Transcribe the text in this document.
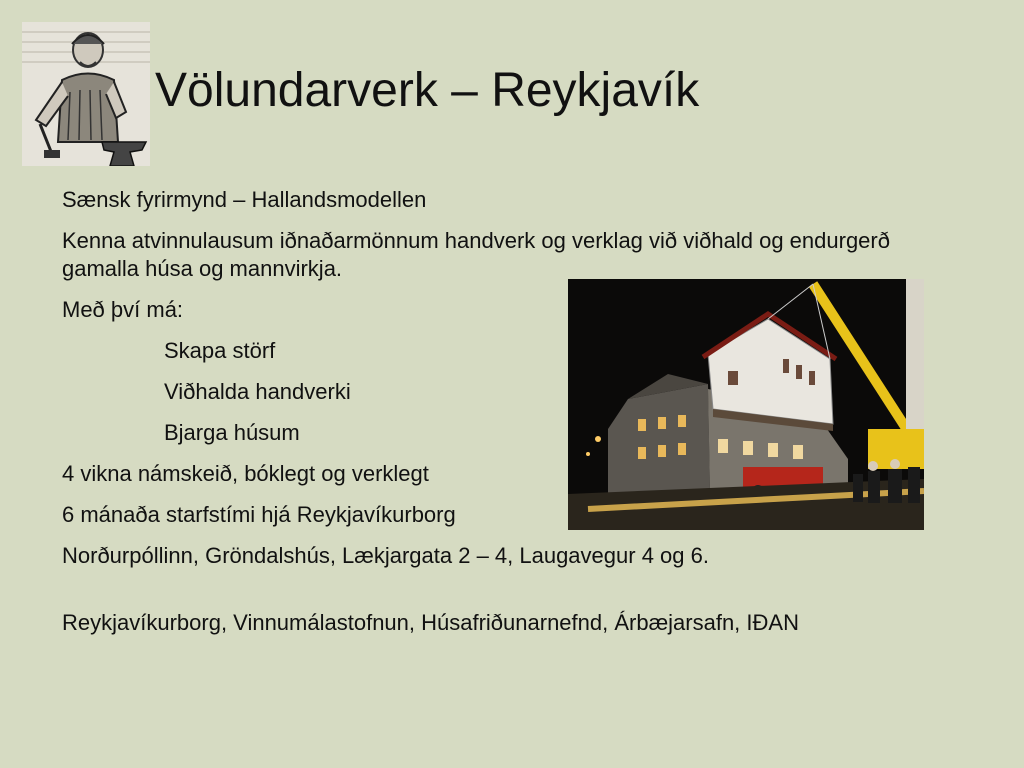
Völundarverk – Reykjavík
Sænsk fyrirmynd – Hallandsmodellen
Kenna atvinnulausum iðnaðarmönnum handverk og verklag við viðhald og endurgerð gamalla húsa og mannvirkja.
Með því má:
Skapa störf
Viðhalda handverki
Bjarga húsum
4 vikna námskeið, bóklegt og verklegt
6 mánaða starfstími hjá Reykjavíkurborg
Norðurpóllinn, Gröndalshús, Lækjargata 2 – 4, Laugavegur 4 og 6.
Reykjavíkurborg, Vinnumálastofnun, Húsafriðunarnefnd, Árbæjarsafn, IÐAN
